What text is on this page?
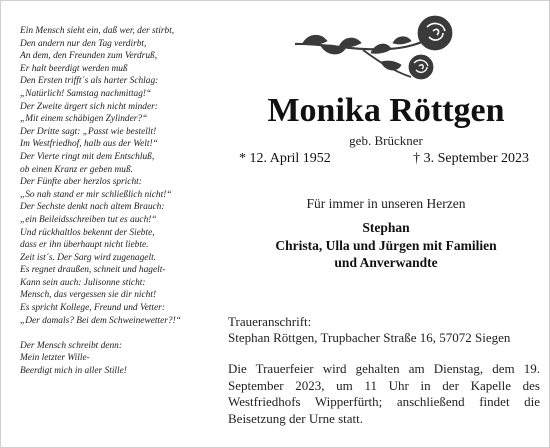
Ein Mensch sieht ein, daß wer, der stirbt,
Den andern nur den Tag verdirbt,
An dem, den Freunden zum Verdruß,
Er halt beerdigt werden muß
Den Ersten trifft´s als harter Schlag:
„Natürlich! Samstag nachmittag!“
Der Zweite ärgert sich nicht minder:
„Mit einem schäbigen Zylinder?“
Der Dritte sagt: „Passt wie bestellt!
Im Westfriedhof, halb aus der Welt!“
Der Vierte ringt mit dem Entschluß,
ob einen Kranz er geben muß.
Der Fünfte aber herzlos spricht:
„So nah stand er mir schließlich nicht!“
Der Sechste denkt nach altem Brauch:
„ein Beileidsschreiben tut es auch!“
Und rückhaltlos bekennt der Siebte,
dass er ihn überhaupt nicht liebte.
Zeit ist´s. Der Sarg wird zugenagelt.
Es regnet draußen, schneit und hagelt-
Kann sein auch: Julisonne sticht:
Mensch, das vergessen sie dir nicht!
Es spricht Kollege, Freund und Vetter:
„Der damals? Bei dem Schweinewetter?!“
Der Mensch schreibt denn:
Mein letzter Wille-
Beerdigt mich in aller Stille!
Monika Röttgen
geb. Brückner
* 12. April 1952	† 3. September 2023
Für immer in unseren Herzen
Stephan
Christa, Ulla und Jürgen mit Familien
und Anverwandte
Traueranschrift:
Stephan Röttgen, Trupbacher Straße 16, 57072 Siegen
Die Trauerfeier wird gehalten am Dienstag, dem 19. September 2023, um 11 Uhr in der Kapelle des Westfriedhofs Wipperfürth; anschließend findet die Beisetzung der Urne statt.
